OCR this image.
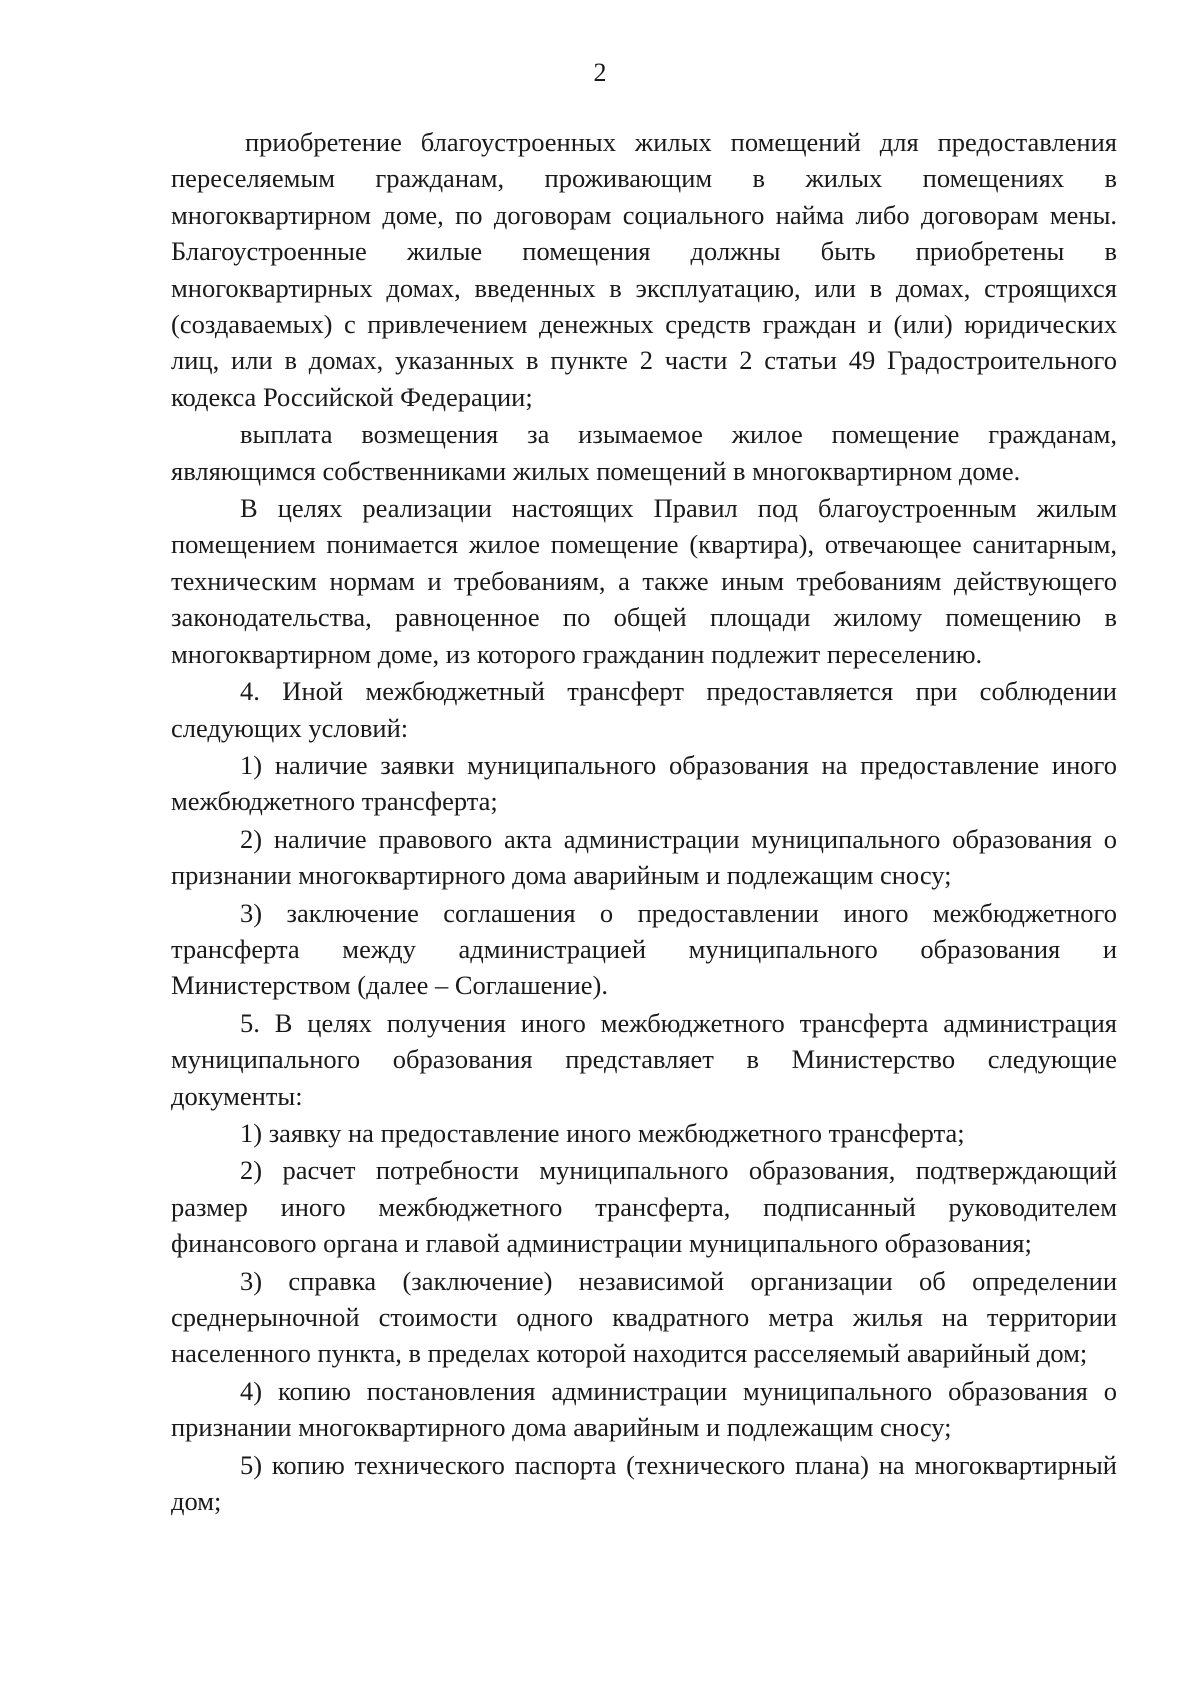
2

приобретение благоустроенных жилых помещений для предоставления переселяемым гражданам, проживающим в жилых помещениях в многоквартирном доме, по договорам социального найма либо договорам мены. Благоустроенные жилые помещения должны быть приобретены в многоквартирных домах, введенных в эксплуатацию, или в домах, строящихся (создаваемых) с привлечением денежных средств граждан и (или) юридических лиц, или в домах, указанных в пункте 2 части 2 статьи 49 Градостроительного кодекса Российской Федерации;

выплата возмещения за изымаемое жилое помещение гражданам, являющимся собственниками жилых помещений в многоквартирном доме.

В целях реализации настоящих Правил под благоустроенным жилым помещением понимается жилое помещение (квартира), отвечающее санитарным, техническим нормам и требованиям, а также иным требованиям действующего законодательства, равноценное по общей площади жилому помещению в многоквартирном доме, из которого гражданин подлежит переселению.

4. Иной межбюджетный трансферт предоставляется при соблюдении следующих условий:

1) наличие заявки муниципального образования на предоставление иного межбюджетного трансферта;

2) наличие правового акта администрации муниципального образования о признании многоквартирного дома аварийным и подлежащим сносу;

3) заключение соглашения о предоставлении иного межбюджетного трансферта между администрацией муниципального образования и Министерством (далее – Соглашение).

5. В целях получения иного межбюджетного трансферта администрация муниципального образования представляет в Министерство следующие документы:

1) заявку на предоставление иного межбюджетного трансферта;

2) расчет потребности муниципального образования, подтверждающий размер иного межбюджетного трансферта, подписанный руководителем финансового органа и главой администрации муниципального образования;

3) справка (заключение) независимой организации об определении среднерыночной стоимости одного квадратного метра жилья на территории населенного пункта, в пределах которой находится расселяемый аварийный дом;

4) копию постановления администрации муниципального образования о признании многоквартирного дома аварийным и подлежащим сносу;

5) копию технического паспорта (технического плана) на многоквартирный дом;
